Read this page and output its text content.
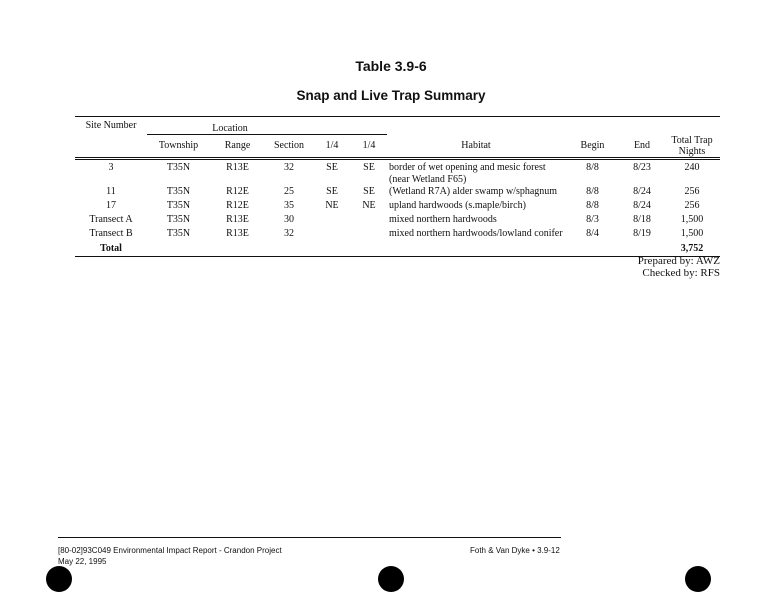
Table 3.9-6
Snap and Live Trap Summary
Site Number	Location								
	Township	Range	Section	1/4	1/4	Habitat	Begin	End	Total Trap Nights
3	T35N	R13E	32	SE	SE	border of wet opening and mesic forest (near Wetland F65)	8/8	8/23	240
11	T35N	R12E	25	SE	SE	(Wetland R7A) alder swamp w/sphagnum	8/8	8/24	256
17	T35N	R12E	35	NE	NE	upland hardwoods (s.maple/birch)	8/8	8/24	256
Transect A	T35N	R13E	30			mixed northern hardwoods	8/3	8/18	1,500
Transect B	T35N	R13E	32			mixed northern hardwoods/lowland conifer	8/4	8/19	1,500
Total									3,752
Prepared by: AWZ
Checked by: RFS
[80-02]93C049 Environmental Impact Report - Crandon Project
May 22, 1995
Foth & Van Dyke • 3.9-12
